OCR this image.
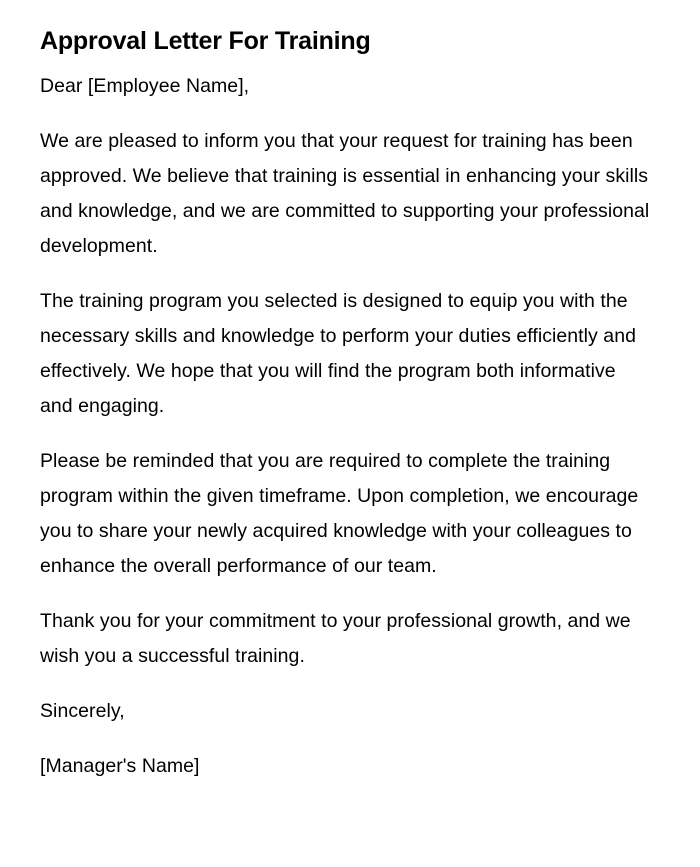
Approval Letter For Training

Dear [Employee Name],

We are pleased to inform you that your request for training has been approved. We believe that training is essential in enhancing your skills and knowledge, and we are committed to supporting your professional development.

The training program you selected is designed to equip you with the necessary skills and knowledge to perform your duties efficiently and effectively. We hope that you will find the program both informative and engaging.

Please be reminded that you are required to complete the training program within the given timeframe. Upon completion, we encourage you to share your newly acquired knowledge with your colleagues to enhance the overall performance of our team.

Thank you for your commitment to your professional growth, and we wish you a successful training.

Sincerely,

[Manager's Name]
